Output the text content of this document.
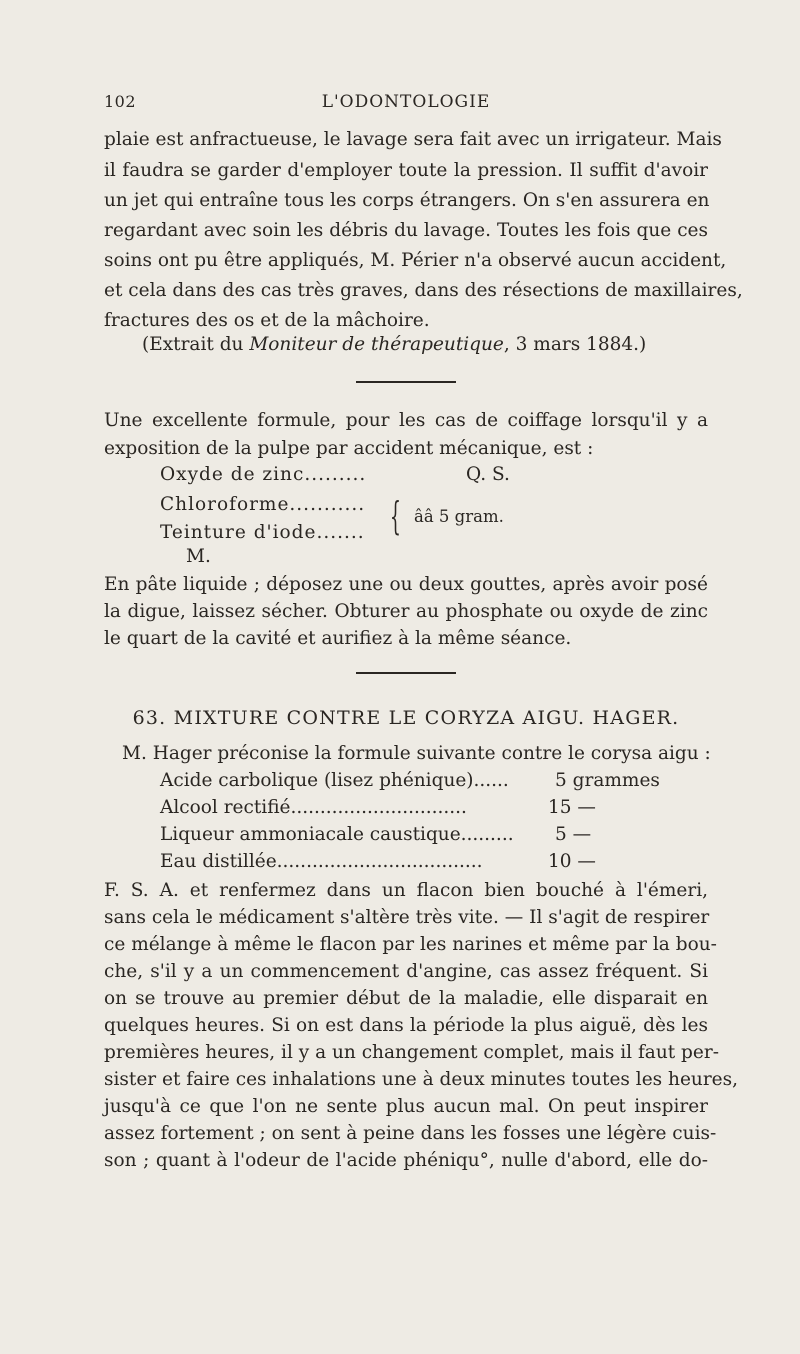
102	L'ODONTOLOGIE
plaie est anfractueuse, le lavage sera fait avec un irrigateur. Mais
il faudra se garder d'employer toute la pression. Il suffit d'avoir
un jet qui entraîne tous les corps étrangers. On s'en assurera en
regardant avec soin les débris du lavage. Toutes les fois que ces
soins ont pu être appliqués, M. Périer n'a observé aucun accident,
et cela dans des cas très graves, dans des résections de maxillaires,
fractures des os et de la mâchoire.
(Extrait du Moniteur de thérapeutique, 3 mars 1884.)
Une excellente formule, pour les cas de coiffage lorsqu'il y a
exposition de la pulpe par accident mécanique, est :
Oxyde de zinc.........	Q. S.
Chloroforme...........
Teinture d'iode....... { ââ 5 gram.
M.
En pâte liquide ; déposez une ou deux gouttes, après avoir posé
la digue, laissez sécher. Obturer au phosphate ou oxyde de zinc
le quart de la cavité et aurifiez à la même séance.
63. MIXTURE CONTRE LE CORYZA AIGU. HAGER.
M. Hager préconise la formule suivante contre le corysa aigu :
Acide carbolique (lisez phénique)...... 5 grammes
Alcool rectifié..............................	15 —
Liqueur ammoniacale caustique......... 5 —
Eau distillée...................................	10 —
F. S. A. et renfermez dans un flacon bien bouché à l'émeri,
sans cela le médicament s'altère très vite. — Il s'agit de respirer
ce mélange à même le flacon par les narines et même par la bou-
che, s'il y a un commencement d'angine, cas assez fréquent. Si
on se trouve au premier début de la maladie, elle disparait en
quelques heures. Si on est dans la période la plus aiguë, dès les
premières heures, il y a un changement complet, mais il faut per-
sister et faire ces inhalations une à deux minutes toutes les heures,
jusqu'à ce que l'on ne sente plus aucun mal. On peut inspirer
assez fortement ; on sent à peine dans les fosses une légère cuis-
son ; quant à l'odeur de l'acide phéniqu°, nulle d'abord, elle do-
